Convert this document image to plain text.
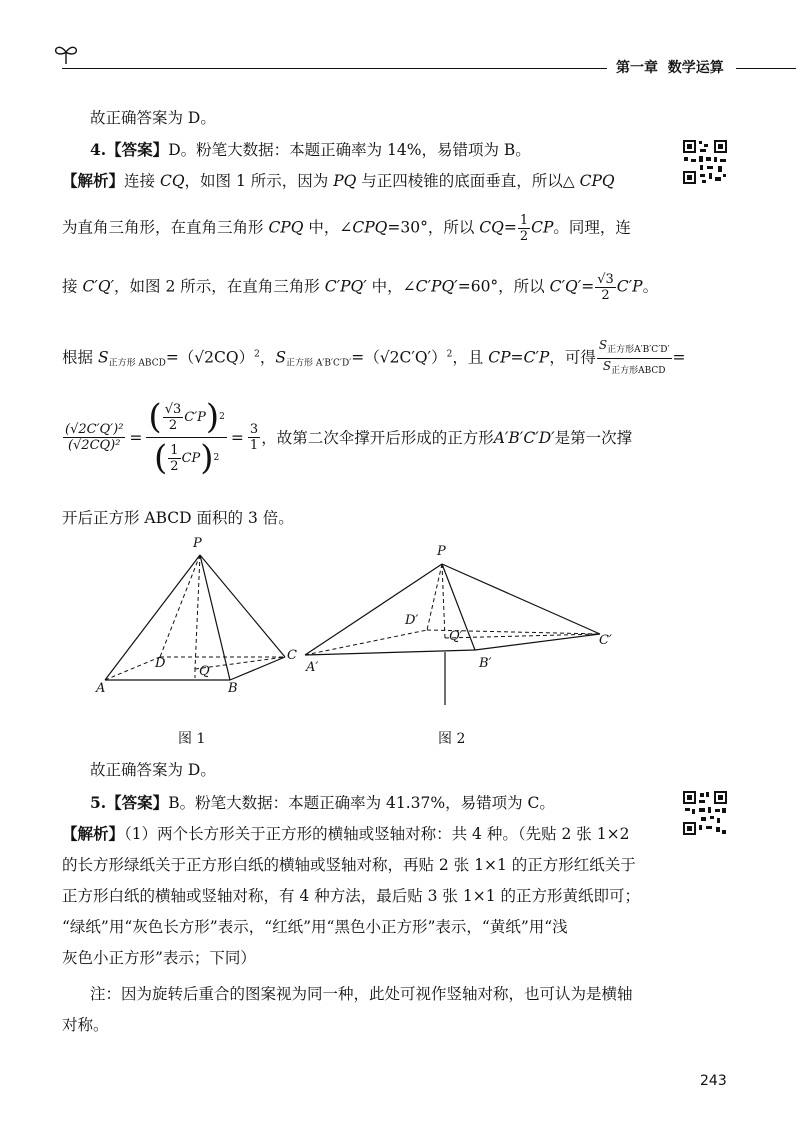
第一章 数学运算
故正确答案为 D。
4.【答案】D。粉笔大数据：本题正确率为 14%，易错项为 B。
【解析】连接 CQ，如图 1 所示，因为 PQ 与正四棱锥的底面垂直，所以△ CPQ
为直角三角形，在直角三角形 CPQ 中，∠CPQ=30°，所以 $CQ= \frac{1}{2}$ CP。同理，连
接 C′Q′，如图 2 所示，在直角三角形 C′PQ′ 中，∠C′PQ′=60°，所以 $C'Q'= \frac{√3}{2} C'P$。
根据 $S_{正方形 ABCD}=(√2CQ)^2$，$S_{正方形 A'B'C'D'}=(√2C'Q')^2$，且 CP=C′P，可得 $\frac{S_{正方形A'B'C'D'}}{S_{正方形ABCD}}$ =
$\frac{\text{(√2C′Q′)²}}{\text{(√2CQ)²}} = \frac{( \frac{√3}{2} C'P ) 2}{( \frac{1}{2} CP ) 2} = \frac{3}{1}$ ，故第二次伞撑开后形成的正方形 A′B′C′D′ 是第一次撑
开后正方形 ABCD 面积的 3 倍。
P
D
Q
C
A	B
图 1
P
D′
Q′	C′
A′	B′
图 2
故正确答案为 D。
5.【答案】B。粉笔大数据：本题正确率为 41.37%，易错项为 C。
【解析】（1）两个长方形关于正方形的横轴或竖轴对称：共 4 种。（先贴 2 张 1×2
的长方形绿纸关于正方形白纸的横轴或竖轴对称，再贴 2 张 1×1 的正方形红纸关于
正方形白纸的横轴或竖轴对称，有 4 种方法，最后贴 3 张 1×1 的正方形黄纸即可；
“绿纸”用“灰色长方形”表示，“红纸”用“黑色小正方形”表示，“黄纸”用“浅
灰色小正方形”表示；下同）
注：因为旋转后重合的图案视为同一种，此处可视作竖轴对称，也可认为是横轴
对称。
243
